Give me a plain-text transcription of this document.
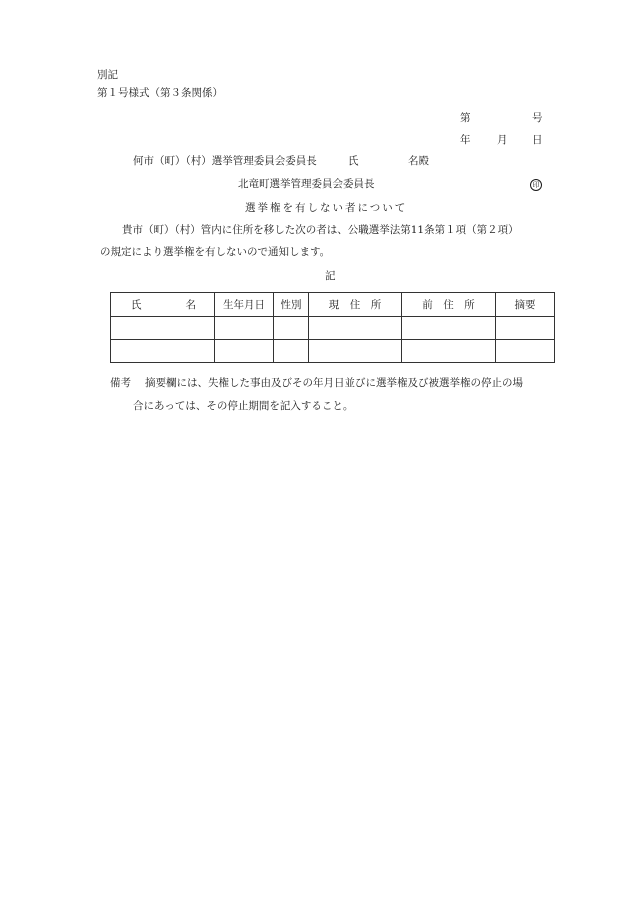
別記
第１号様式（第３条関係）
第	号
年	月 日
何市（町）（村）選挙管理委員会委員長	氏	名殿
北竜町選挙管理委員会委員長	印
選挙権を有しない者について
貴市（町）（村）管内に住所を移した次の者は、公職選挙法第11条第１項（第２項）
の規定により選挙権を有しないので通知します。
記
氏 名	生年月日	性別	現　住　所	前　住　所	摘要

備考 摘要欄には、失権した事由及びその年月日並びに選挙権及び被選挙権の停止の場
合にあっては、その停止期間を記入すること。
